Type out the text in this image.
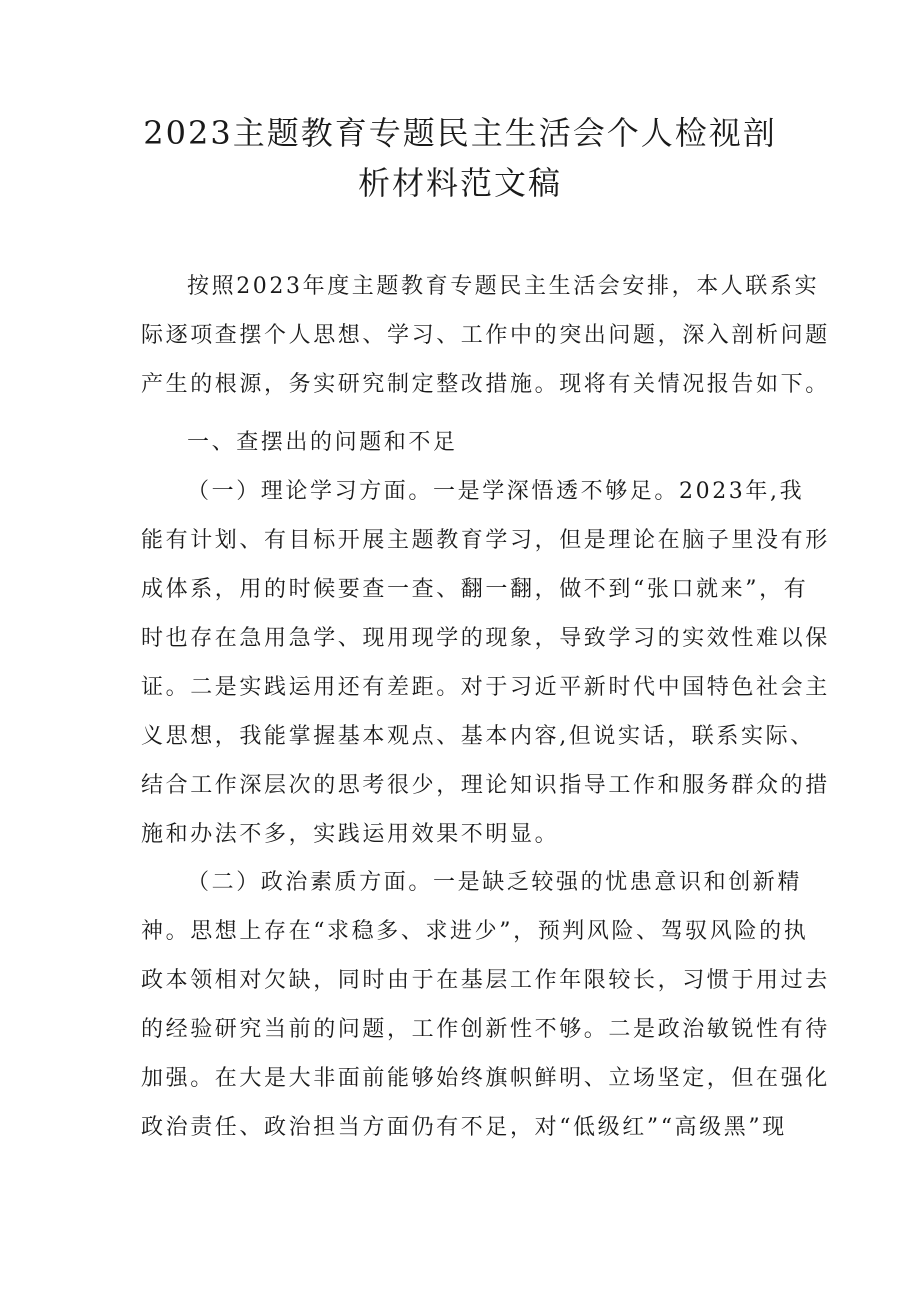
2023主题教育专题民主生活会个人检视剖
析材料范文稿
按照2023年度主题教育专题民主生活会安排，本人联系实
际逐项查摆个人思想、学习、工作中的突出问题，深入剖析问题
产生的根源，务实研究制定整改措施。现将有关情况报告如下。
一、查摆出的问题和不足
（一）理论学习方面。一是学深悟透不够足。2023年,我
能有计划、有目标开展主题教育学习，但是理论在脑子里没有形
成体系，用的时候要查一查、翻一翻，做不到“张口就来”，有
时也存在急用急学、现用现学的现象，导致学习的实效性难以保
证。二是实践运用还有差距。对于习近平新时代中国特色社会主
义思想，我能掌握基本观点、基本内容,但说实话，联系实际、
结合工作深层次的思考很少，理论知识指导工作和服务群众的措
施和办法不多，实践运用效果不明显。
（二）政治素质方面。一是缺乏较强的忧患意识和创新精
神。思想上存在“求稳多、求进少”，预判风险、驾驭风险的执
政本领相对欠缺，同时由于在基层工作年限较长，习惯于用过去
的经验研究当前的问题，工作创新性不够。二是政治敏锐性有待
加强。在大是大非面前能够始终旗帜鲜明、立场坚定，但在强化
政治责任、政治担当方面仍有不足，对“低级红”“高级黑”现
